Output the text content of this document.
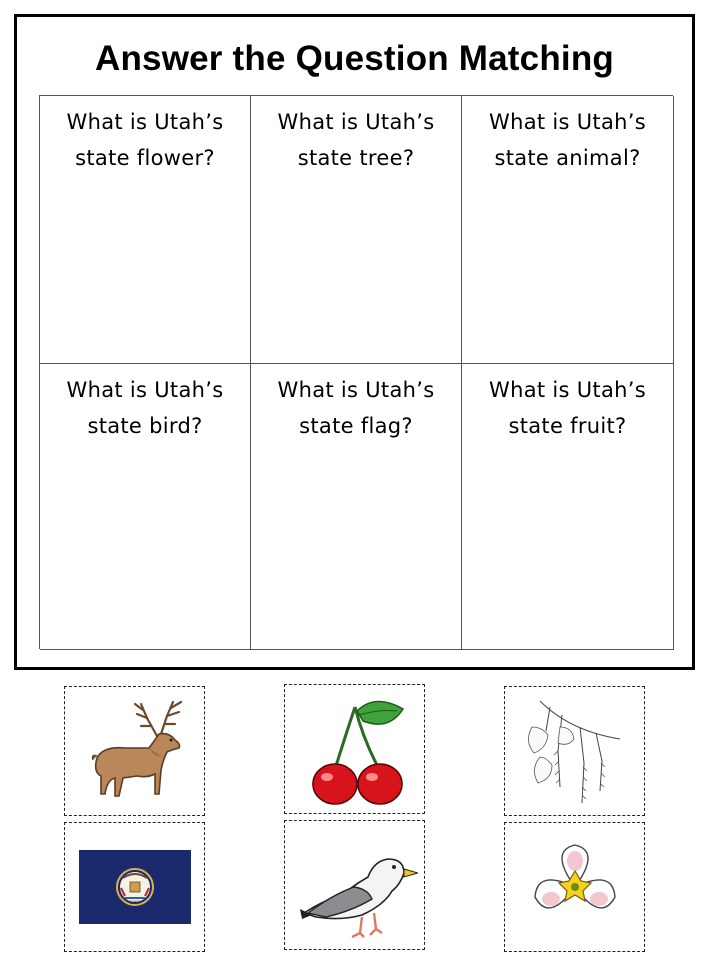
Answer the Question Matching
What is Utah’s
state flower?
What is Utah’s
state tree?
What is Utah’s
state animal?
What is Utah’s
state bird?
What is Utah’s
state flag?
What is Utah’s
state fruit?
1896
